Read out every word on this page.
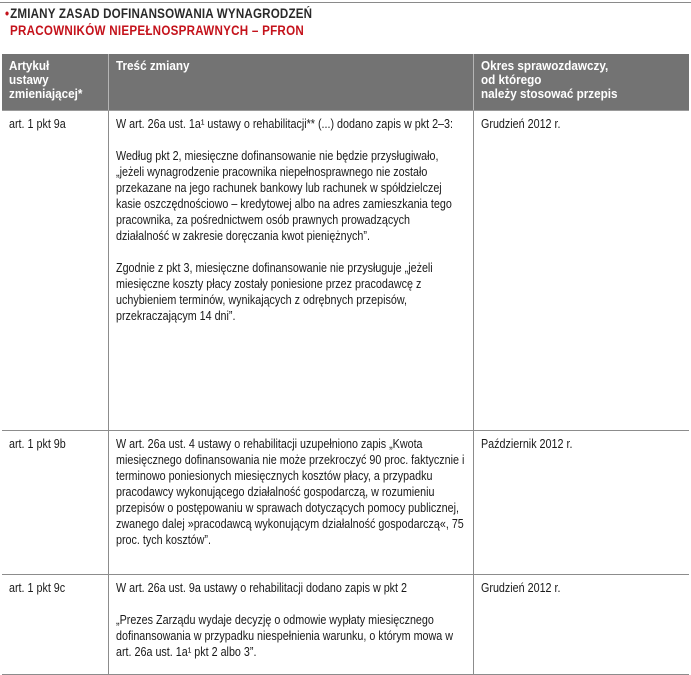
•ZMIANY ZASAD DOFINANSOWANIA WYNAGRODZEŃ
PRACOWNIKÓW NIEPEŁNOSPRAWNYCH – PFRON
Artykuł
ustawy
zmieniającej*	Treść zmiany	Okres sprawozdawczy,
od którego
należy stosować przepis

art. 1 pkt 9a	W art. 26a ust. 1a¹ ustawy o rehabilitacji** (...) dodano zapis w pkt 2–3:

Według pkt 2, miesięczne dofinansowanie nie będzie przysługiwało, „jeżeli wynagrodzenie pracownika niepełnosprawnego nie zostało przekazane na jego rachunek bankowy lub rachunek w spółdzielczej kasie oszczędnościowo – kredytowej albo na adres zamieszkania tego pracownika, za pośrednictwem osób prawnych prowadzących działalność w zakresie doręczania kwot pieniężnych”.

Zgodnie z pkt 3, miesięczne dofinansowanie nie przysługuje „jeżeli miesięczne koszty płacy zostały poniesione przez pracodawcę z uchybieniem terminów, wynikających z odrębnych przepisów, przekraczającym 14 dni”.	Grudzień 2012 r.

art. 1 pkt 9b	W art. 26a ust. 4 ustawy o rehabilitacji uzupełniono zapis „Kwota miesięcznego dofinansowania nie może przekroczyć 90 proc. faktycznie i terminowo poniesionych miesięcznych kosztów płacy, a przypadku pracodawcy wykonującego działalność gospodarczą, w rozumieniu przepisów o postępowaniu w sprawach dotyczących pomocy publicznej, zwanego dalej »pracodawcą wykonującym działalność gospodarczą«, 75 proc. tych kosztów”.	Październik 2012 r.

art. 1 pkt 9c	W art. 26a ust. 9a ustawy o rehabilitacji dodano zapis w pkt 2

„Prezes Zarządu wydaje decyzję o odmowie wypłaty miesięcznego dofinansowania w przypadku niespełnienia warunku, o którym mowa w art. 26a ust. 1a¹ pkt 2 albo 3”.	Grudzień 2012 r.
